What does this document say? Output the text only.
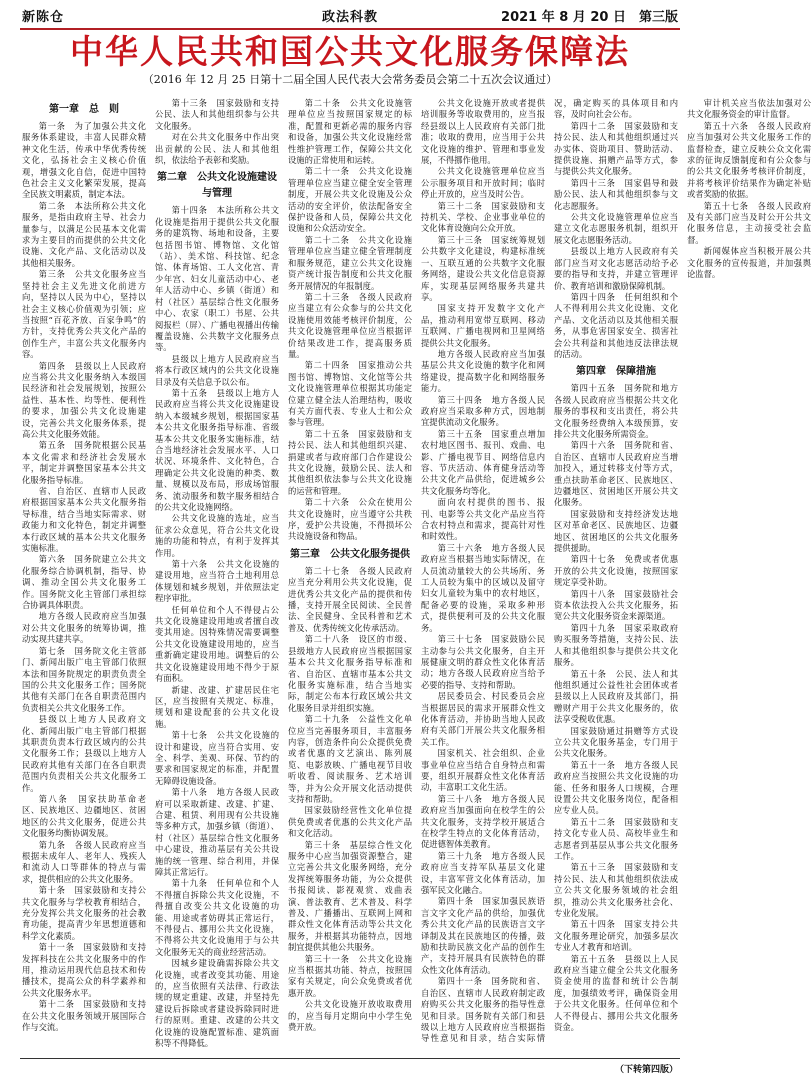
新陈仓	政法科教	2021 年 8 月 20 日　第三版
中华人民共和国公共文化服务保障法
（2016 年 12 月 25 日第十二届全国人民代表大会常务委员会第二十五次会议通过）
第一章　总　则

第一条　为了加强公共文化服务体系建设，丰富人民群众精神文化生活，传承中华优秀传统文化，弘扬社会主义核心价值观，增强文化自信，促进中国特色社会主义文化繁荣发展，提高全民族文明素质，制定本法。

第二条　本法所称公共文化服务，是指由政府主导、社会力量参与，以满足公民基本文化需求为主要目的而提供的公共文化设施、文化产品、文化活动以及其他相关服务。

第三条　公共文化服务应当坚持社会主义先进文化前进方向，坚持以人民为中心，坚持以社会主义核心价值观为引领；应当按照“百花齐放、百家争鸣”的方针，支持优秀公共文化产品的创作生产，丰富公共文化服务内容。

第四条　县级以上人民政府应当将公共文化服务纳入本级国民经济和社会发展规划，按照公益性、基本性、均等性、便利性的要求，加强公共文化设施建设，完善公共文化服务体系，提高公共文化服务效能。

第五条　国务院根据公民基本文化需求和经济社会发展水平，制定并调整国家基本公共文化服务指导标准。

省、自治区、直辖市人民政府根据国家基本公共文化服务指导标准，结合当地实际需求、财政能力和文化特色，制定并调整本行政区域的基本公共文化服务实施标准。

第六条　国务院建立公共文化服务综合协调机制，指导、协调、推动全国公共文化服务工作。国务院文化主管部门承担综合协调具体职责。

地方各级人民政府应当加强对公共文化服务的统筹协调，推动实现共建共享。

第七条　国务院文化主管部门、新闻出版广电主管部门依照本法和国务院规定的职责负责全国的公共文化服务工作；国务院其他有关部门在各自职责范围内负责相关公共文化服务工作。

县级以上地方人民政府文化、新闻出版广电主管部门根据其职责负责本行政区域内的公共文化服务工作；县级以上地方人民政府其他有关部门在各自职责范围内负责相关公共文化服务工作。

第八条　国家扶助革命老区、民族地区、边疆地区、贫困地区的公共文化服务，促进公共文化服务均衡协调发展。

第九条　各级人民政府应当根据未成年人、老年人、残疾人和流动人口等群体的特点与需求，提供相应的公共文化服务。

第十条　国家鼓励和支持公共文化服务与学校教育相结合，充分发挥公共文化服务的社会教育功能，提高青少年思想道德和科学文化素质。

第十一条　国家鼓励和支持发挥科技在公共文化服务中的作用，推动运用现代信息技术和传播技术，提高公众的科学素养和公共文化服务水平。

第十二条　国家鼓励和支持在公共文化服务领域开展国际合作与交流。

第十三条　国家鼓励和支持公民、法人和其他组织参与公共文化服务。

对在公共文化服务中作出突出贡献的公民、法人和其他组织，依法给予表彰和奖励。

第二章　公共文化设施建设与管理

第十四条　本法所称公共文化设施是指用于提供公共文化服务的建筑物、场地和设备，主要包括图书馆、博物馆、文化馆（站）、美术馆、科技馆、纪念馆、体育场馆、工人文化宫、青少年宫、妇女儿童活动中心、老年人活动中心、乡镇（街道）和村（社区）基层综合性文化服务中心、农家（职工）书屋、公共阅报栏（屏）、广播电视播出传输覆盖设施、公共数字文化服务点等。

县级以上地方人民政府应当将本行政区域内的公共文化设施目录及有关信息予以公布。

第十五条　县级以上地方人民政府应当将公共文化设施建设纳入本级城乡规划，根据国家基本公共文化服务指导标准、省级基本公共文化服务实施标准，结合当地经济社会发展水平、人口状况、环境条件、文化特色，合理确定公共文化设施的种类、数量、规模以及布局，形成场馆服务、流动服务和数字服务相结合的公共文化设施网络。

公共文化设施的选址，应当征求公众意见，符合公共文化设施的功能和特点，有利于发挥其作用。

第十六条　公共文化设施的建设用地，应当符合土地利用总体规划和城乡规划，并依照法定程序审批。

任何单位和个人不得侵占公共文化设施建设用地或者擅自改变其用途。因特殊情况需要调整公共文化设施建设用地的，应当重新确定建设用地。调整后的公共文化设施建设用地不得少于原有面积。

新建、改建、扩建居民住宅区，应当按照有关规定、标准，规划和建设配套的公共文化设施。

第十七条　公共文化设施的设计和建设，应当符合实用、安全、科学、美观、环保、节约的要求和国家规定的标准，并配置无障碍设施设备。

第十八条　地方各级人民政府可以采取新建、改建、扩建、合建、租赁、利用现有公共设施等多种方式，加强乡镇（街道）、村（社区）基层综合性文化服务中心建设，推动基层有关公共设施的统一管理、综合利用，并保障其正常运行。

第十九条　任何单位和个人不得擅自拆除公共文化设施，不得擅自改变公共文化设施的功能、用途或者妨碍其正常运行，不得侵占、挪用公共文化设施，不得将公共文化设施用于与公共文化服务无关的商业经营活动。

因城乡建设确需拆除公共文化设施，或者改变其功能、用途的，应当依照有关法律、行政法规的规定重建、改建，并坚持先建设后拆除或者建设拆除同时进行的原则。重建、改建的公共文化设施的设施配置标准、建筑面积等不得降低。

第二十条　公共文化设施管理单位应当按照国家规定的标准，配置和更新必需的服务内容和设备，加强公共文化设施经常性维护管理工作，保障公共文化设施的正常使用和运转。

第二十一条　公共文化设施管理单位应当建立健全安全管理制度，开展公共文化设施及公众活动的安全评价，依法配备安全保护设备和人员，保障公共文化设施和公众活动安全。

第二十二条　公共文化设施管理单位应当建立健全管理制度和服务规范，建立公共文化设施资产统计报告制度和公共文化服务开展情况的年报制度。

第二十三条　各级人民政府应当建立有公众参与的公共文化设施使用效能考核评价制度，公共文化设施管理单位应当根据评价结果改进工作，提高服务质量。

第二十四条　国家推动公共图书馆、博物馆、文化馆等公共文化设施管理单位根据其功能定位建立健全法人治理结构，吸收有关方面代表、专业人士和公众参与管理。

第二十五条　国家鼓励和支持公民、法人和其他组织兴建、捐建或者与政府部门合作建设公共文化设施，鼓励公民、法人和其他组织依法参与公共文化设施的运营和管理。

第二十六条　公众在使用公共文化设施时，应当遵守公共秩序，爱护公共设施，不得损坏公共设施设备和物品。

第三章　公共文化服务提供

第二十七条　各级人民政府应当充分利用公共文化设施，促进优秀公共文化产品的提供和传播，支持开展全民阅读、全民普法、全民健身、全民科普和艺术普及、优秀传统文化传承活动。

第二十八条　设区的市级、县级地方人民政府应当根据国家基本公共文化服务指导标准和省、自治区、直辖市基本公共文化服务实施标准，结合当地实际，制定公布本行政区域公共文化服务目录并组织实施。

第二十九条　公益性文化单位应当完善服务项目，丰富服务内容，创造条件向公众提供免费或者优惠的文艺演出、陈列展览、电影放映、广播电视节目收听收看、阅读服务、艺术培训等，并为公众开展文化活动提供支持和帮助。

国家鼓励经营性文化单位提供免费或者优惠的公共文化产品和文化活动。

第三十条　基层综合性文化服务中心应当加强资源整合，建立完善公共文化服务网络，充分发挥统筹服务功能，为公众提供书报阅读、影视观赏、戏曲表演、普法教育、艺术普及、科学普及、广播播出、互联网上网和群众性文化体育活动等公共文化服务，并根据其功能特点，因地制宜提供其他公共服务。

第三十一条　公共文化设施应当根据其功能、特点，按照国家有关规定，向公众免费或者优惠开放。

公共文化设施开放收取费用的，应当每月定期向中小学生免费开放。

公共文化设施开放或者提供培训服务等收取费用的，应当报经县级以上人民政府有关部门批准；收取的费用，应当用于公共文化设施的维护、管理和事业发展，不得挪作他用。

公共文化设施管理单位应当公示服务项目和开放时间；临时停止开放的，应当及时公告。

第三十二条　国家鼓励和支持机关、学校、企业事业单位的文化体育设施向公众开放。

第三十三条　国家统筹规划公共数字文化建设，构建标准统一、互联互通的公共数字文化服务网络，建设公共文化信息资源库，实现基层网络服务共建共享。

国家支持开发数字文化产品，推动利用宽带互联网、移动互联网、广播电视网和卫星网络提供公共文化服务。

地方各级人民政府应当加强基层公共文化设施的数字化和网络建设，提高数字化和网络服务能力。

第三十四条　地方各级人民政府应当采取多种方式，因地制宜提供流动文化服务。

第三十五条　国家重点增加农村地区图书、报刊、戏曲、电影、广播电视节目、网络信息内容、节庆活动、体育健身活动等公共文化产品供给，促进城乡公共文化服务均等化。

面向农村提供的图书、报刊、电影等公共文化产品应当符合农村特点和需求，提高针对性和时效性。

第三十六条　地方各级人民政府应当根据当地实际情况，在人员流动量较大的公共场所、务工人员较为集中的区域以及留守妇女儿童较为集中的农村地区，配备必要的设施，采取多种形式，提供便利可及的公共文化服务。

第三十七条　国家鼓励公民主动参与公共文化服务，自主开展健康文明的群众性文化体育活动；地方各级人民政府应当给予必要的指导、支持和帮助。

居民委员会、村民委员会应当根据居民的需求开展群众性文化体育活动，并协助当地人民政府有关部门开展公共文化服务相关工作。

国家机关、社会组织、企业事业单位应当结合自身特点和需要，组织开展群众性文化体育活动，丰富职工文化生活。

第三十八条　地方各级人民政府应当加强面向在校学生的公共文化服务，支持学校开展适合在校学生特点的文化体育活动，促进德智体美教育。

第三十九条　地方各级人民政府应当支持军队基层文化建设，丰富军营文化体育活动，加强军民文化融合。

第四十条　国家加强民族语言文字文化产品的供给，加强优秀公共文化产品的民族语言文字译制及其在民族地区的传播，鼓励和扶助民族文化产品的创作生产，支持开展具有民族特色的群众性文化体育活动。

第四十一条　国务院和省、自治区、直辖市人民政府制定政府购买公共文化服务的指导性意见和目录。国务院有关部门和县级以上地方人民政府应当根据指导性意见和目录，结合实际情况，确定购买的具体项目和内容，及时向社会公布。

第四十二条　国家鼓励和支持公民、法人和其他组织通过兴办实体、资助项目、赞助活动、提供设施、捐赠产品等方式，参与提供公共文化服务。

第四十三条　国家倡导和鼓励公民、法人和其他组织参与文化志愿服务。

公共文化设施管理单位应当建立文化志愿服务机制，组织开展文化志愿服务活动。

县级以上地方人民政府有关部门应当对文化志愿活动给予必要的指导和支持，并建立管理评价、教育培训和激励保障机制。

第四十四条　任何组织和个人不得利用公共文化设施、文化产品、文化活动以及其他相关服务，从事危害国家安全、损害社会公共利益和其他违反法律法规的活动。

第四章　保障措施

第四十五条　国务院和地方各级人民政府应当根据公共文化服务的事权和支出责任，将公共文化服务经费纳入本级预算，安排公共文化服务所需资金。

第四十六条　国务院和省、自治区、直辖市人民政府应当增加投入，通过转移支付等方式，重点扶助革命老区、民族地区、边疆地区、贫困地区开展公共文化服务。

国家鼓励和支持经济发达地区对革命老区、民族地区、边疆地区、贫困地区的公共文化服务提供援助。

第四十七条　免费或者优惠开放的公共文化设施，按照国家规定享受补助。

第四十八条　国家鼓励社会资本依法投入公共文化服务，拓宽公共文化服务资金来源渠道。

第四十九条　国家采取政府购买服务等措施，支持公民、法人和其他组织参与提供公共文化服务。

第五十条　公民、法人和其他组织通过公益性社会团体或者县级以上人民政府及其部门，捐赠财产用于公共文化服务的，依法享受税收优惠。

国家鼓励通过捐赠等方式设立公共文化服务基金，专门用于公共文化服务。

第五十一条　地方各级人民政府应当按照公共文化设施的功能、任务和服务人口规模，合理设置公共文化服务岗位，配备相应专业人员。

第五十二条　国家鼓励和支持文化专业人员、高校毕业生和志愿者到基层从事公共文化服务工作。

第五十三条　国家鼓励和支持公民、法人和其他组织依法成立公共文化服务领域的社会组织，推动公共文化服务社会化、专业化发展。

第五十四条　国家支持公共文化服务理论研究，加强多层次专业人才教育和培训。

第五十五条　县级以上人民政府应当建立健全公共文化服务资金使用的监督和统计公告制度，加强绩效考评，确保资金用于公共文化服务。任何单位和个人不得侵占、挪用公共文化服务资金。

审计机关应当依法加强对公共文化服务资金的审计监督。

第五十六条　各级人民政府应当加强对公共文化服务工作的监督检查，建立反映公众文化需求的征询反馈制度和有公众参与的公共文化服务考核评价制度，并将考核评价结果作为确定补贴或者奖励的依据。

第五十七条　各级人民政府及有关部门应当及时公开公共文化服务信息，主动接受社会监督。

新闻媒体应当积极开展公共文化服务的宣传报道，并加强舆论监督。

（下转第四版）
